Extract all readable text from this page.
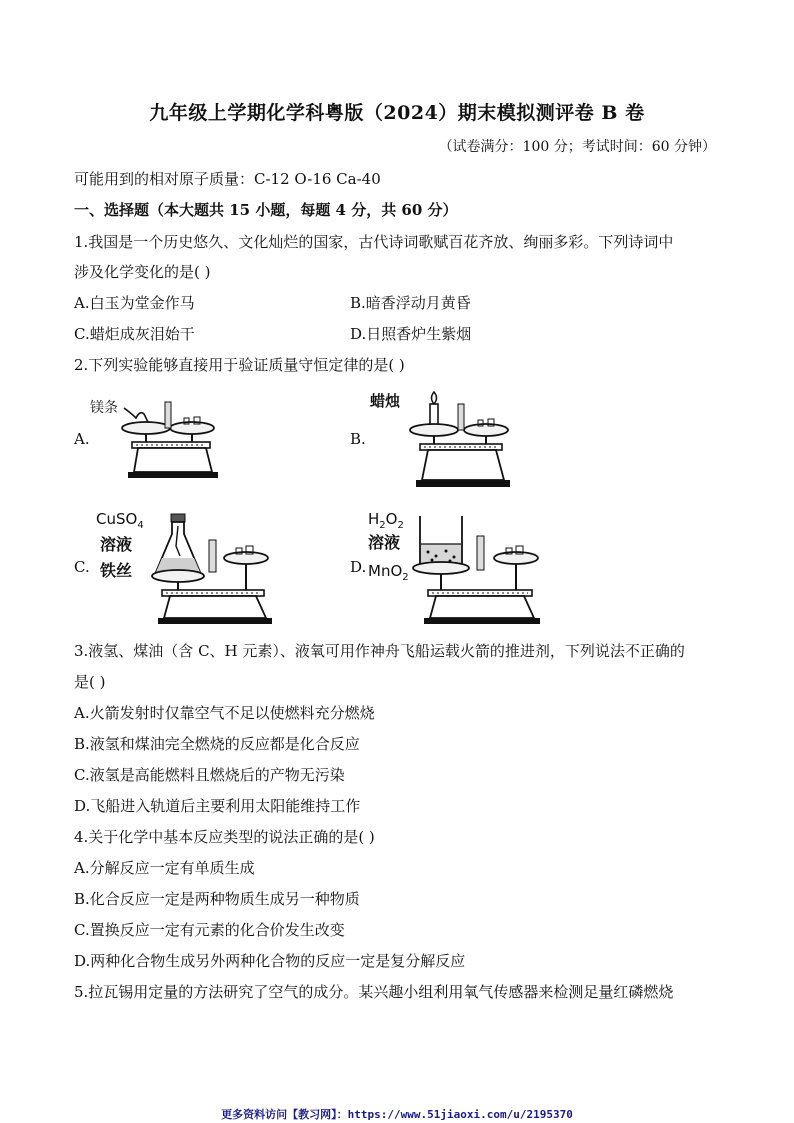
九年级上学期化学科粤版（2024）期末模拟测评卷 B 卷
（试卷满分：100 分；考试时间：60 分钟）
可能用到的相对原子质量：C-12 O-16 Ca-40
一、选择题（本大题共 15 小题，每题 4 分，共 60 分）
1.我国是一个历史悠久、文化灿烂的国家，古代诗词歌赋百花齐放、绚丽多彩。下列诗词中
涉及化学变化的是( )
A.白玉为堂金作马	B.暗香浮动月黄昏
C.蜡炬成灰泪始干	D.日照香炉生紫烟
2.下列实验能够直接用于验证质量守恒定律的是( )
A.	B.
C.	D.
镁条	蜡烛
CuSO$_4$
溶液
铁丝
$H_2O_2$
溶液
MnO$_2$
3.液氢、煤油（含 C、H 元素）、液氧可用作神舟飞船运载火箭的推进剂，下列说法不正确的
是( )
A.火箭发射时仅靠空气不足以使燃料充分燃烧
B.液氢和煤油完全燃烧的反应都是化合反应
C.液氢是高能燃料且燃烧后的产物无污染
D.飞船进入轨道后主要利用太阳能维持工作
4.关于化学中基本反应类型的说法正确的是( )
A.分解反应一定有单质生成
B.化合反应一定是两种物质生成另一种物质
C.置换反应一定有元素的化合价发生改变
D.两种化合物生成另外两种化合物的反应一定是复分解反应
5.拉瓦锡用定量的方法研究了空气的成分。某兴趣小组利用氧气传感器来检测足量红磷燃烧
更多资料访问【教习网】：https://www.51jiaoxi.com/u/2195370
